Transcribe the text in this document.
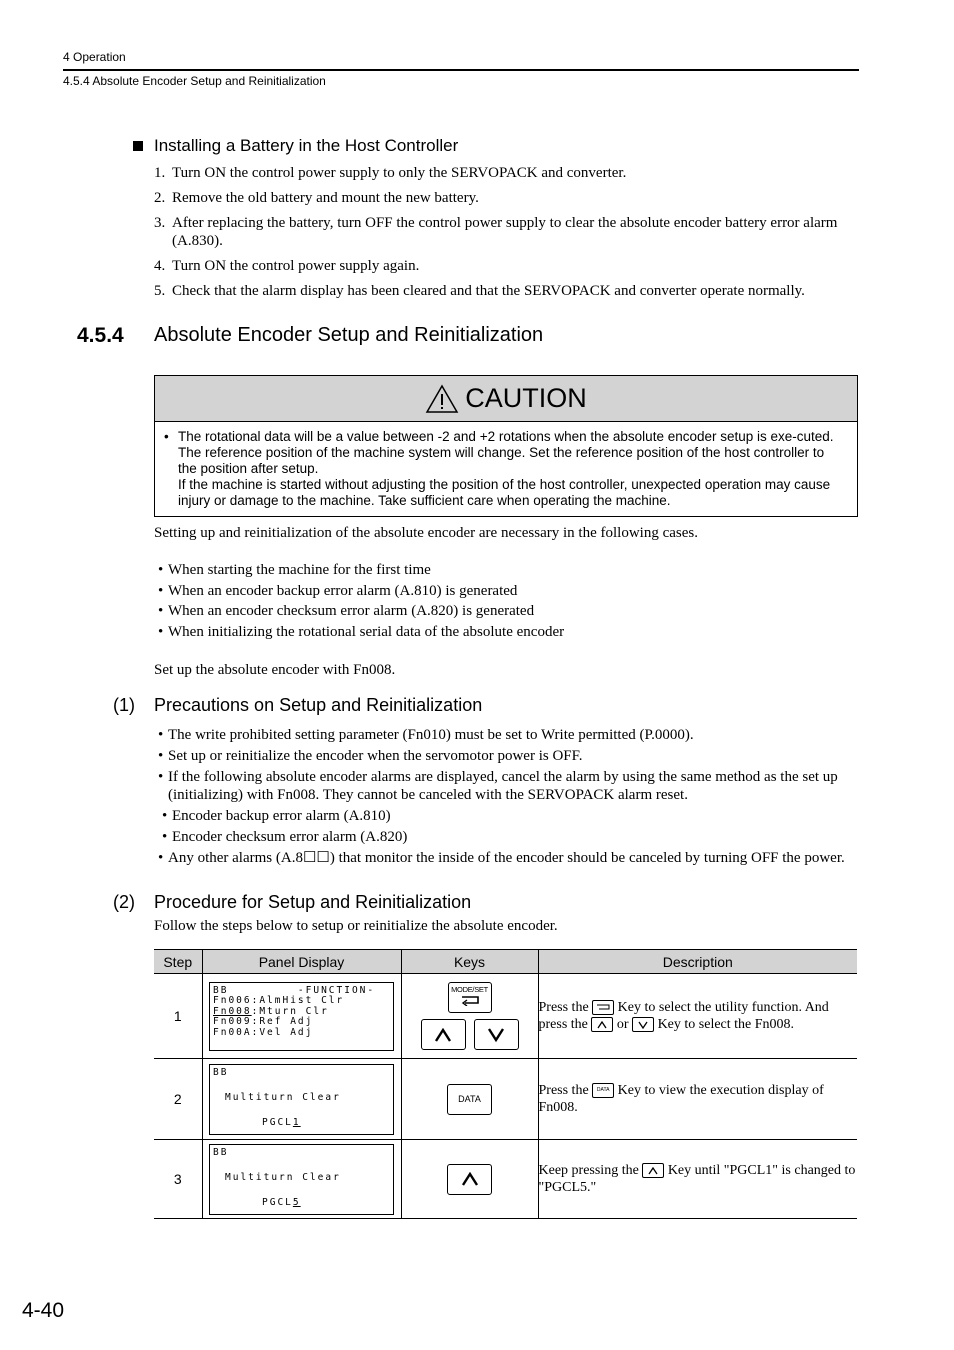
4 Operation
4.5.4 Absolute Encoder Setup and Reinitialization
Installing a Battery in the Host Controller
1. Turn ON the control power supply to only the SERVOPACK and converter.
2. Remove the old battery and mount the new battery.
3. After replacing the battery, turn OFF the control power supply to clear the absolute encoder battery error alarm (A.830).
4. Turn ON the control power supply again.
5. Check that the alarm display has been cleared and that the SERVOPACK and converter operate normally.
4.5.4 Absolute Encoder Setup and Reinitialization
CAUTION
• The rotational data will be a value between -2 and +2 rotations when the absolute encoder setup is exe-cuted. The reference position of the machine system will change. Set the reference position of the host controller to the position after setup.
If the machine is started without adjusting the position of the host controller, unexpected operation may cause injury or damage to the machine. Take sufficient care when operating the machine.
Setting up and reinitialization of the absolute encoder are necessary in the following cases.
• When starting the machine for the first time
• When an encoder backup error alarm (A.810) is generated
• When an encoder checksum error alarm (A.820) is generated
• When initializing the rotational serial data of the absolute encoder
Set up the absolute encoder with Fn008.
(1) Precautions on Setup and Reinitialization
• The write prohibited setting parameter (Fn010) must be set to Write permitted (P.0000).
• Set up or reinitialize the encoder when the servomotor power is OFF.
• If the following absolute encoder alarms are displayed, cancel the alarm by using the same method as the set up (initializing) with Fn008. They cannot be canceled with the SERVOPACK alarm reset.
• Encoder backup error alarm (A.810)
• Encoder checksum error alarm (A.820)
• Any other alarms (A.8☐☐) that monitor the inside of the encoder should be canceled by turning OFF the power.
(2) Procedure for Setup and Reinitialization
Follow the steps below to setup or reinitialize the absolute encoder.
Step	Panel Display	Keys	Description
1	BB         -FUNCTION-
Fn006:AlmHist Clr
Fn008:Mturn Clr
Fn009:Ref Adj
Fn00A:Vel Adj	MODE/SET	Press the Key to select the utility function. And press the or Key to select the Fn008.
2	BB
Multiturn Clear
PGCL1	DATA	Press the DATA Key to view the execution display of Fn008.
3	BB
Multiturn Clear
PGCL5		Keep pressing the Key until "PGCL1" is changed to "PGCL5."
4-40
